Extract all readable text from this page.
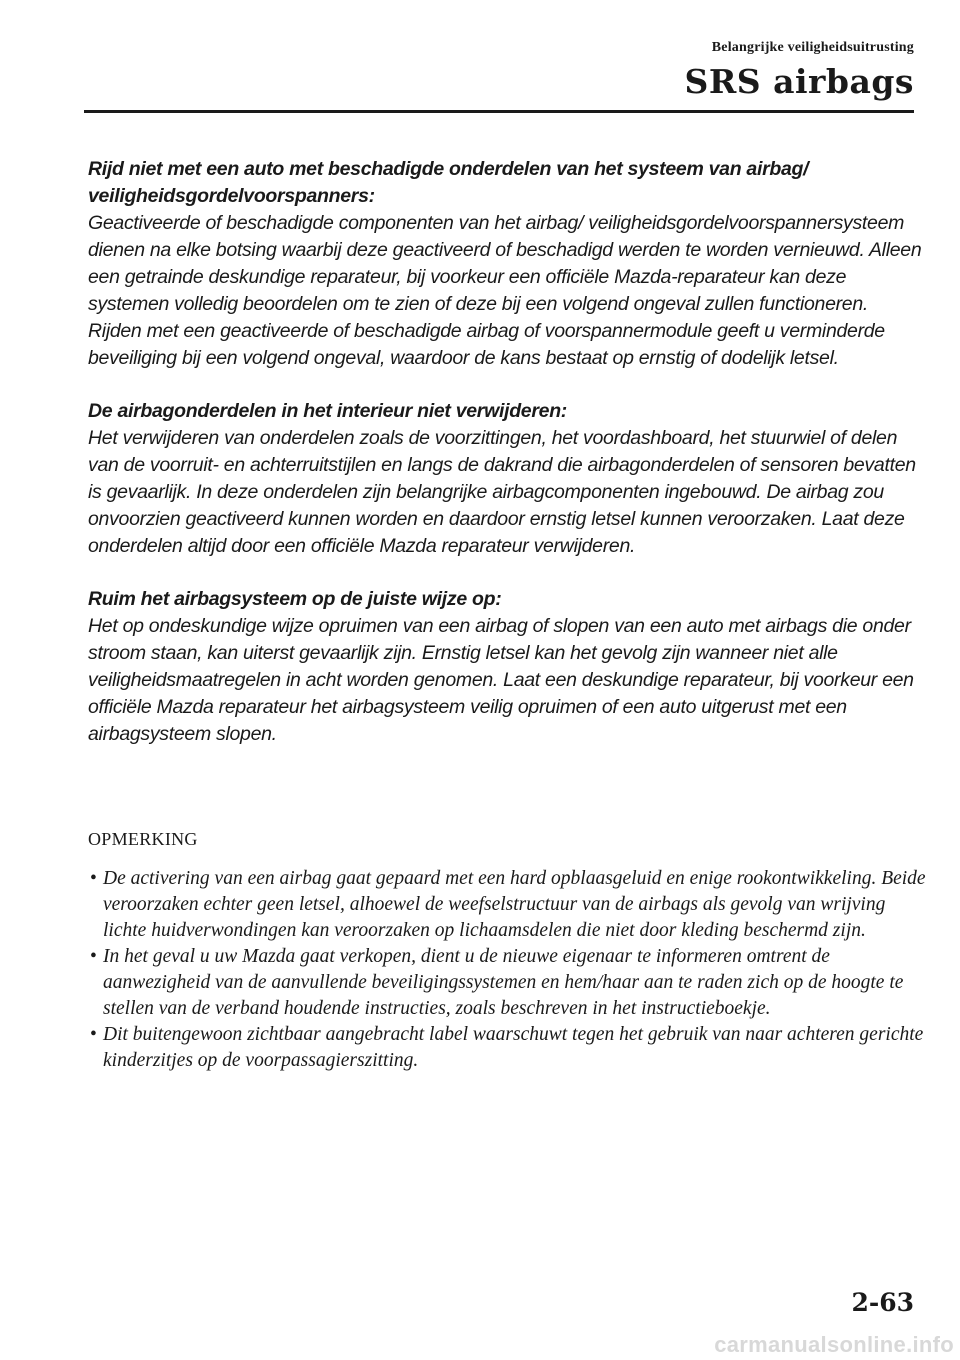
Belangrijke veiligheidsuitrusting
SRS airbags
Rijd niet met een auto met beschadigde onderdelen van het systeem van airbag/ veiligheidsgordelvoorspanners:
Geactiveerde of beschadigde componenten van het airbag/ veiligheidsgordelvoorspannersysteem dienen na elke botsing waarbij deze geactiveerd of beschadigd werden te worden vernieuwd. Alleen een getrainde deskundige reparateur, bij voorkeur een officiële Mazda-reparateur kan deze systemen volledig beoordelen om te zien of deze bij een volgend ongeval zullen functioneren. Rijden met een geactiveerde of beschadigde airbag of voorspannermodule geeft u verminderde beveiliging bij een volgend ongeval, waardoor de kans bestaat op ernstig of dodelijk letsel.
De airbagonderdelen in het interieur niet verwijderen:
Het verwijderen van onderdelen zoals de voorzittingen, het voordashboard, het stuurwiel of delen van de voorruit- en achterruitstijlen en langs de dakrand die airbagonderdelen of sensoren bevatten is gevaarlijk. In deze onderdelen zijn belangrijke airbagcomponenten ingebouwd. De airbag zou onvoorzien geactiveerd kunnen worden en daardoor ernstig letsel kunnen veroorzaken. Laat deze onderdelen altijd door een officiële Mazda reparateur verwijderen.
Ruim het airbagsysteem op de juiste wijze op:
Het op ondeskundige wijze opruimen van een airbag of slopen van een auto met airbags die onder stroom staan, kan uiterst gevaarlijk zijn. Ernstig letsel kan het gevolg zijn wanneer niet alle veiligheidsmaatregelen in acht worden genomen. Laat een deskundige reparateur, bij voorkeur een officiële Mazda reparateur het airbagsysteem veilig opruimen of een auto uitgerust met een airbagsysteem slopen.
OPMERKING
• De activering van een airbag gaat gepaard met een hard opblaasgeluid en enige rookontwikkeling. Beide veroorzaken echter geen letsel, alhoewel de weefselstructuur van de airbags als gevolg van wrijving lichte huidverwondingen kan veroorzaken op lichaamsdelen die niet door kleding beschermd zijn.
• In het geval u uw Mazda gaat verkopen, dient u de nieuwe eigenaar te informeren omtrent de aanwezigheid van de aanvullende beveiligingssystemen en hem/haar aan te raden zich op de hoogte te stellen van de verband houdende instructies, zoals beschreven in het instructieboekje.
• Dit buitengewoon zichtbaar aangebracht label waarschuwt tegen het gebruik van naar achteren gerichte kinderzitjes op de voorpassagierszitting.
2-63
carmanualsonline.info
